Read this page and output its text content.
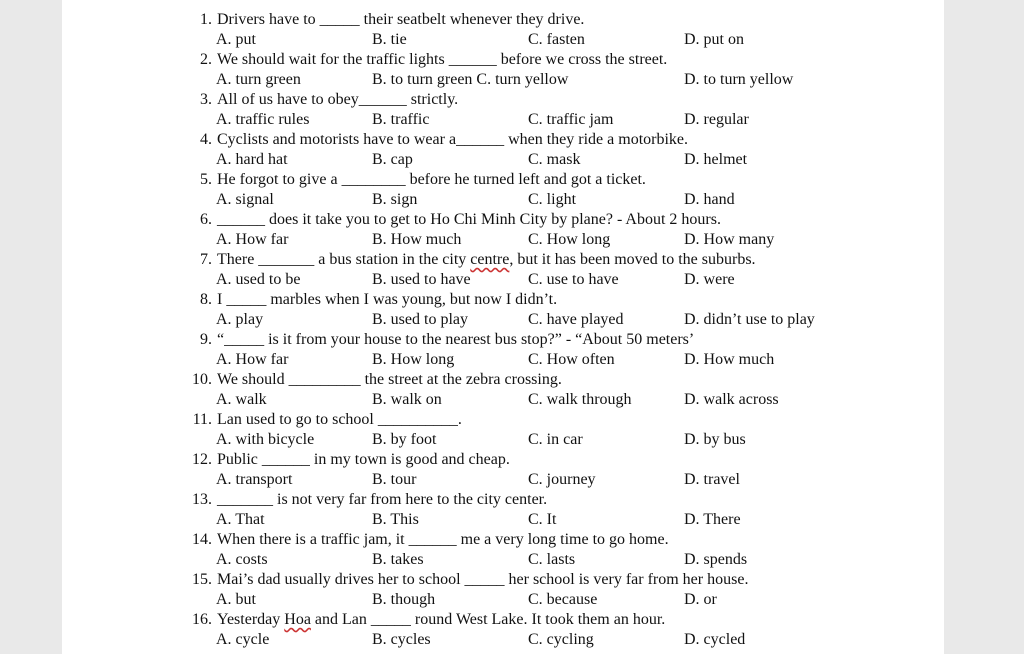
1. Drivers have to _____ their seatbelt whenever they drive.
A. put	B. tie	C. fasten	D. put on
2. We should wait for the traffic lights ______ before we cross the street.
A. turn green	B. to turn green C. turn yellow	D. to turn yellow
3. All of us have to obey______ strictly.
A. traffic rules	B. traffic	C. traffic jam	D. regular
4. Cyclists and motorists have to wear a______ when they ride a motorbike.
A. hard hat	B. cap	C. mask	D. helmet
5. He forgot to give a ________ before he turned left and got a ticket.
A. signal	B. sign	C. light	D. hand
6. ______ does it take you to get to Ho Chi Minh City by plane? - About 2 hours.
A. How far	B. How much	C. How long	D. How many
7. There _______ a bus station in the city centre, but it has been moved to the suburbs.
A. used to be	B. used to have	C. use to have	D. were
8. I _____ marbles when I was young, but now I didn’t.
A. play	B. used to play	C. have played	D. didn’t use to play
9. “_____ is it from your house to the nearest bus stop?” - “About 50 meters’
A. How far	B. How long	C. How often	D. How much
10. We should _________ the street at the zebra crossing.
A. walk	B. walk on	C. walk through	D. walk across
11. Lan used to go to school __________.
A. with bicycle	B. by foot	C. in car	D. by bus
12. Public ______ in my town is good and cheap.
A. transport	B. tour	C. journey	D. travel
13. _______ is not very far from here to the city center.
A. That	B. This	C. It	D. There
14. When there is a traffic jam, it ______ me a very long time to go home.
A. costs	B. takes	C. lasts	D. spends
15. Mai’s dad usually drives her to school _____ her school is very far from her house.
A. but	B. though	C. because	D. or
16. Yesterday Hoa and Lan _____ round West Lake. It took them an hour.
A. cycle	B. cycles	C. cycling	D. cycled
